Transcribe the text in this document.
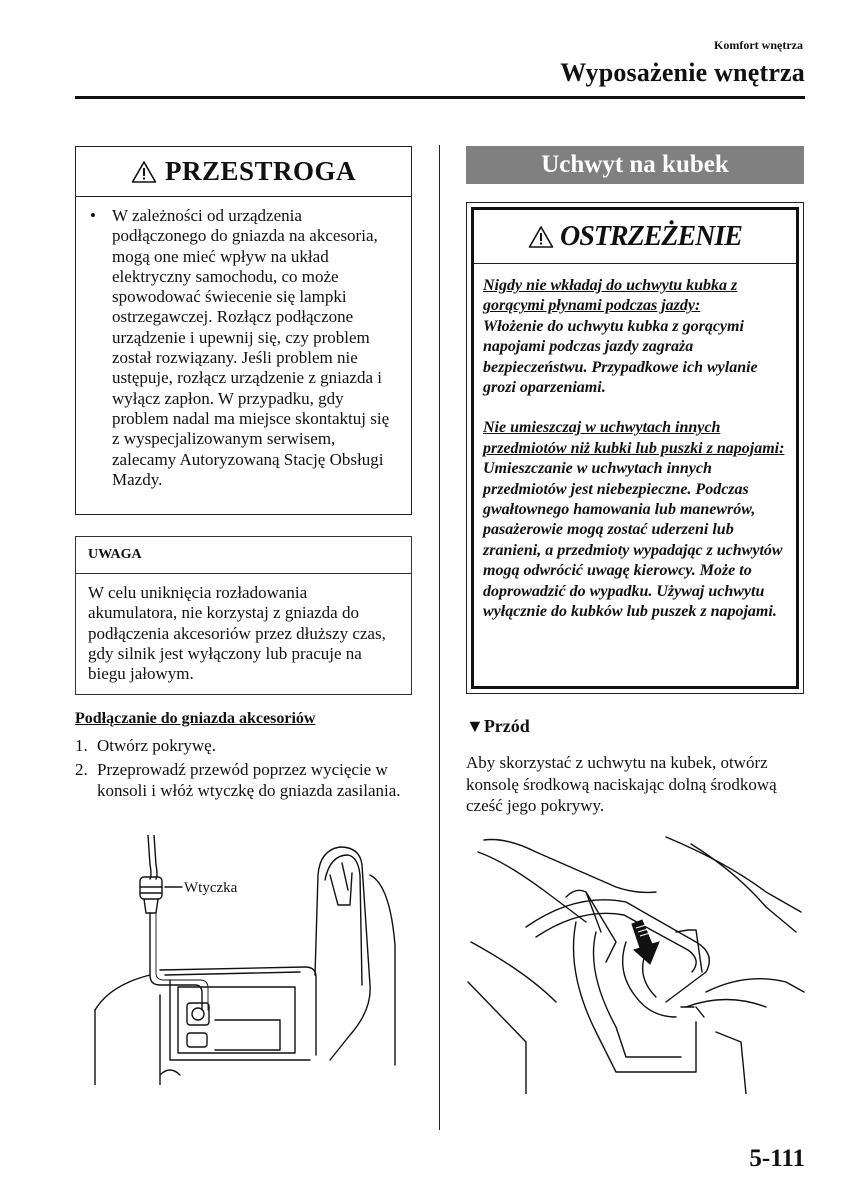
Komfort wnętrza
Wyposażenie wnętrza
PRZESTROGA
• W zależności od urządzenia podłączonego do gniazda na akcesoria, mogą one mieć wpływ na układ elektryczny samochodu, co może spowodować świecenie się lampki ostrzegawczej. Rozłącz podłączone urządzenie i upewnij się, czy problem został rozwiązany. Jeśli problem nie ustępuje, rozłącz urządzenie z gniazda i wyłącz zapłon. W przypadku, gdy problem nadal ma miejsce skontaktuj się z wyspecjalizowanym serwisem, zalecamy Autoryzowaną Stację Obsługi Mazdy.
UWAGA
W celu uniknięcia rozładowania akumulatora, nie korzystaj z gniazda do podłączenia akcesoriów przez dłuższy czas, gdy silnik jest wyłączony lub pracuje na biegu jałowym.
Podłączanie do gniazda akcesoriów
1. Otwórz pokrywę.
2. Przeprowadź przewód poprzez wycięcie w konsoli i włóż wtyczkę do gniazda zasilania.
Wtyczka
Uchwyt na kubek
OSTRZEŻENIE
Nigdy nie wkładaj do uchwytu kubka z gorącymi płynami podczas jazdy:
Włożenie do uchwytu kubka z gorącymi napojami podczas jazdy zagraża bezpieczeństwu. Przypadkowe ich wylanie grozi oparzeniami.
Nie umieszczaj w uchwytach innych przedmiotów niż kubki lub puszki z napojami:
Umieszczanie w uchwytach innych przedmiotów jest niebezpieczne. Podczas gwałtownego hamowania lub manewrów, pasażerowie mogą zostać uderzeni lub zranieni, a przedmioty wypadając z uchwytów mogą odwrócić uwagę kierowcy. Może to doprowadzić do wypadku. Używaj uchwytu wyłącznie do kubków lub puszek z napojami.
▼Przód
Aby skorzystać z uchwytu na kubek, otwórz konsolę środkową naciskając dolną środkową cześć jego pokrywy.
5-111
